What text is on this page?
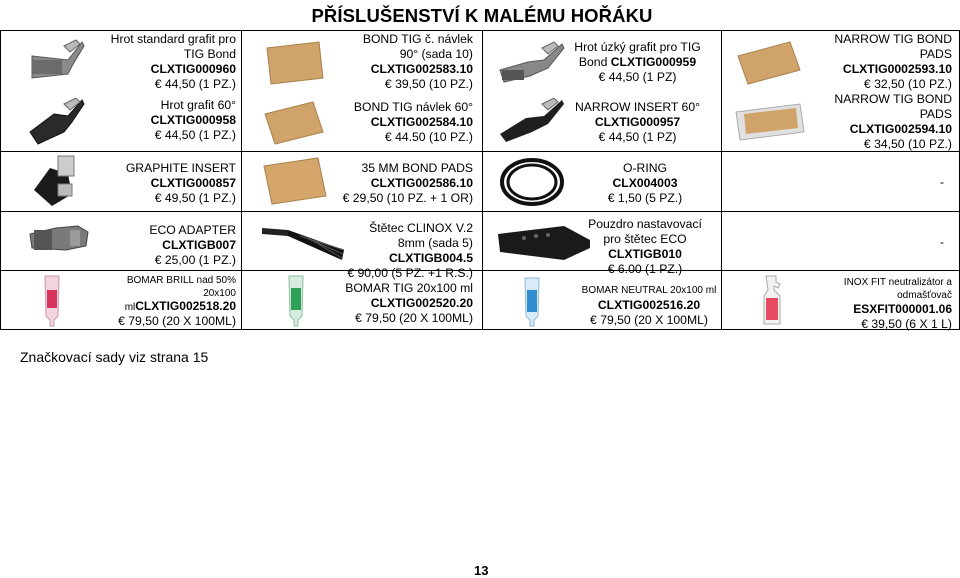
PŘÍSLUŠENSTVÍ K MALÉMU HOŘÁKU
Hrot standard grafit pro TIG Bond
CLXTIG000960
€ 44,50 (1 PZ.)
Hrot grafit 60°
CLXTIG000958
€ 44,50 (1 PZ.)
GRAPHITE INSERT
CLXTIG000857
€ 49,50 (1 PZ.)
ECO ADAPTER
CLXTIGB007
€ 25,00 (1 PZ.)
BOMAR BRILL nad 50%
20x100
mlCLXTIG002518.20
€ 79,50 (20 X 100ML)
BOND TIG č. návlek
90° (sada 10)
CLXTIG002583.10
€ 39,50 (10 PZ.)
BOND TIG návlek 60°
CLXTIG002584.10
€ 44.50 (10 PZ.)
35 MM BOND PADS
CLXTIG002586.10
€ 29,50 (10 PZ. + 1 OR)
Štětec CLINOX V.2
8mm (sada 5)
CLXTIGB004.5
€ 90,00 (5 PZ. +1 R.S.)
BOMAR TIG 20x100 ml
CLXTIG002520.20
€ 79,50 (20 X 100ML)
Hrot úzký grafit pro TIG
Bond CLXTIG000959
€ 44,50 (1 PZ)
NARROW INSERT 60°
CLXTIG000957
€ 44,50 (1 PZ)
O-RING
CLX004003
€ 1,50 (5 PZ.)
Pouzdro nastavovací
pro štětec ECO
CLXTIGB010
€ 6.00 (1 PZ.)
BOMAR NEUTRAL 20x100 ml
CLXTIG002516.20
€ 79,50 (20 X 100ML)
NARROW TIG BOND
PADS
CLXTIG0002593.10
€ 32,50 (10 PZ.)
NARROW TIG BOND
PADS
CLXTIG002594.10
€ 34,50 (10 PZ.)
-
-
INOX FIT neutralizátor a
odmašťovač
ESXFIT000001.06
€ 39,50 (6 X 1 L)
Značkovací sady viz strana 15
13
